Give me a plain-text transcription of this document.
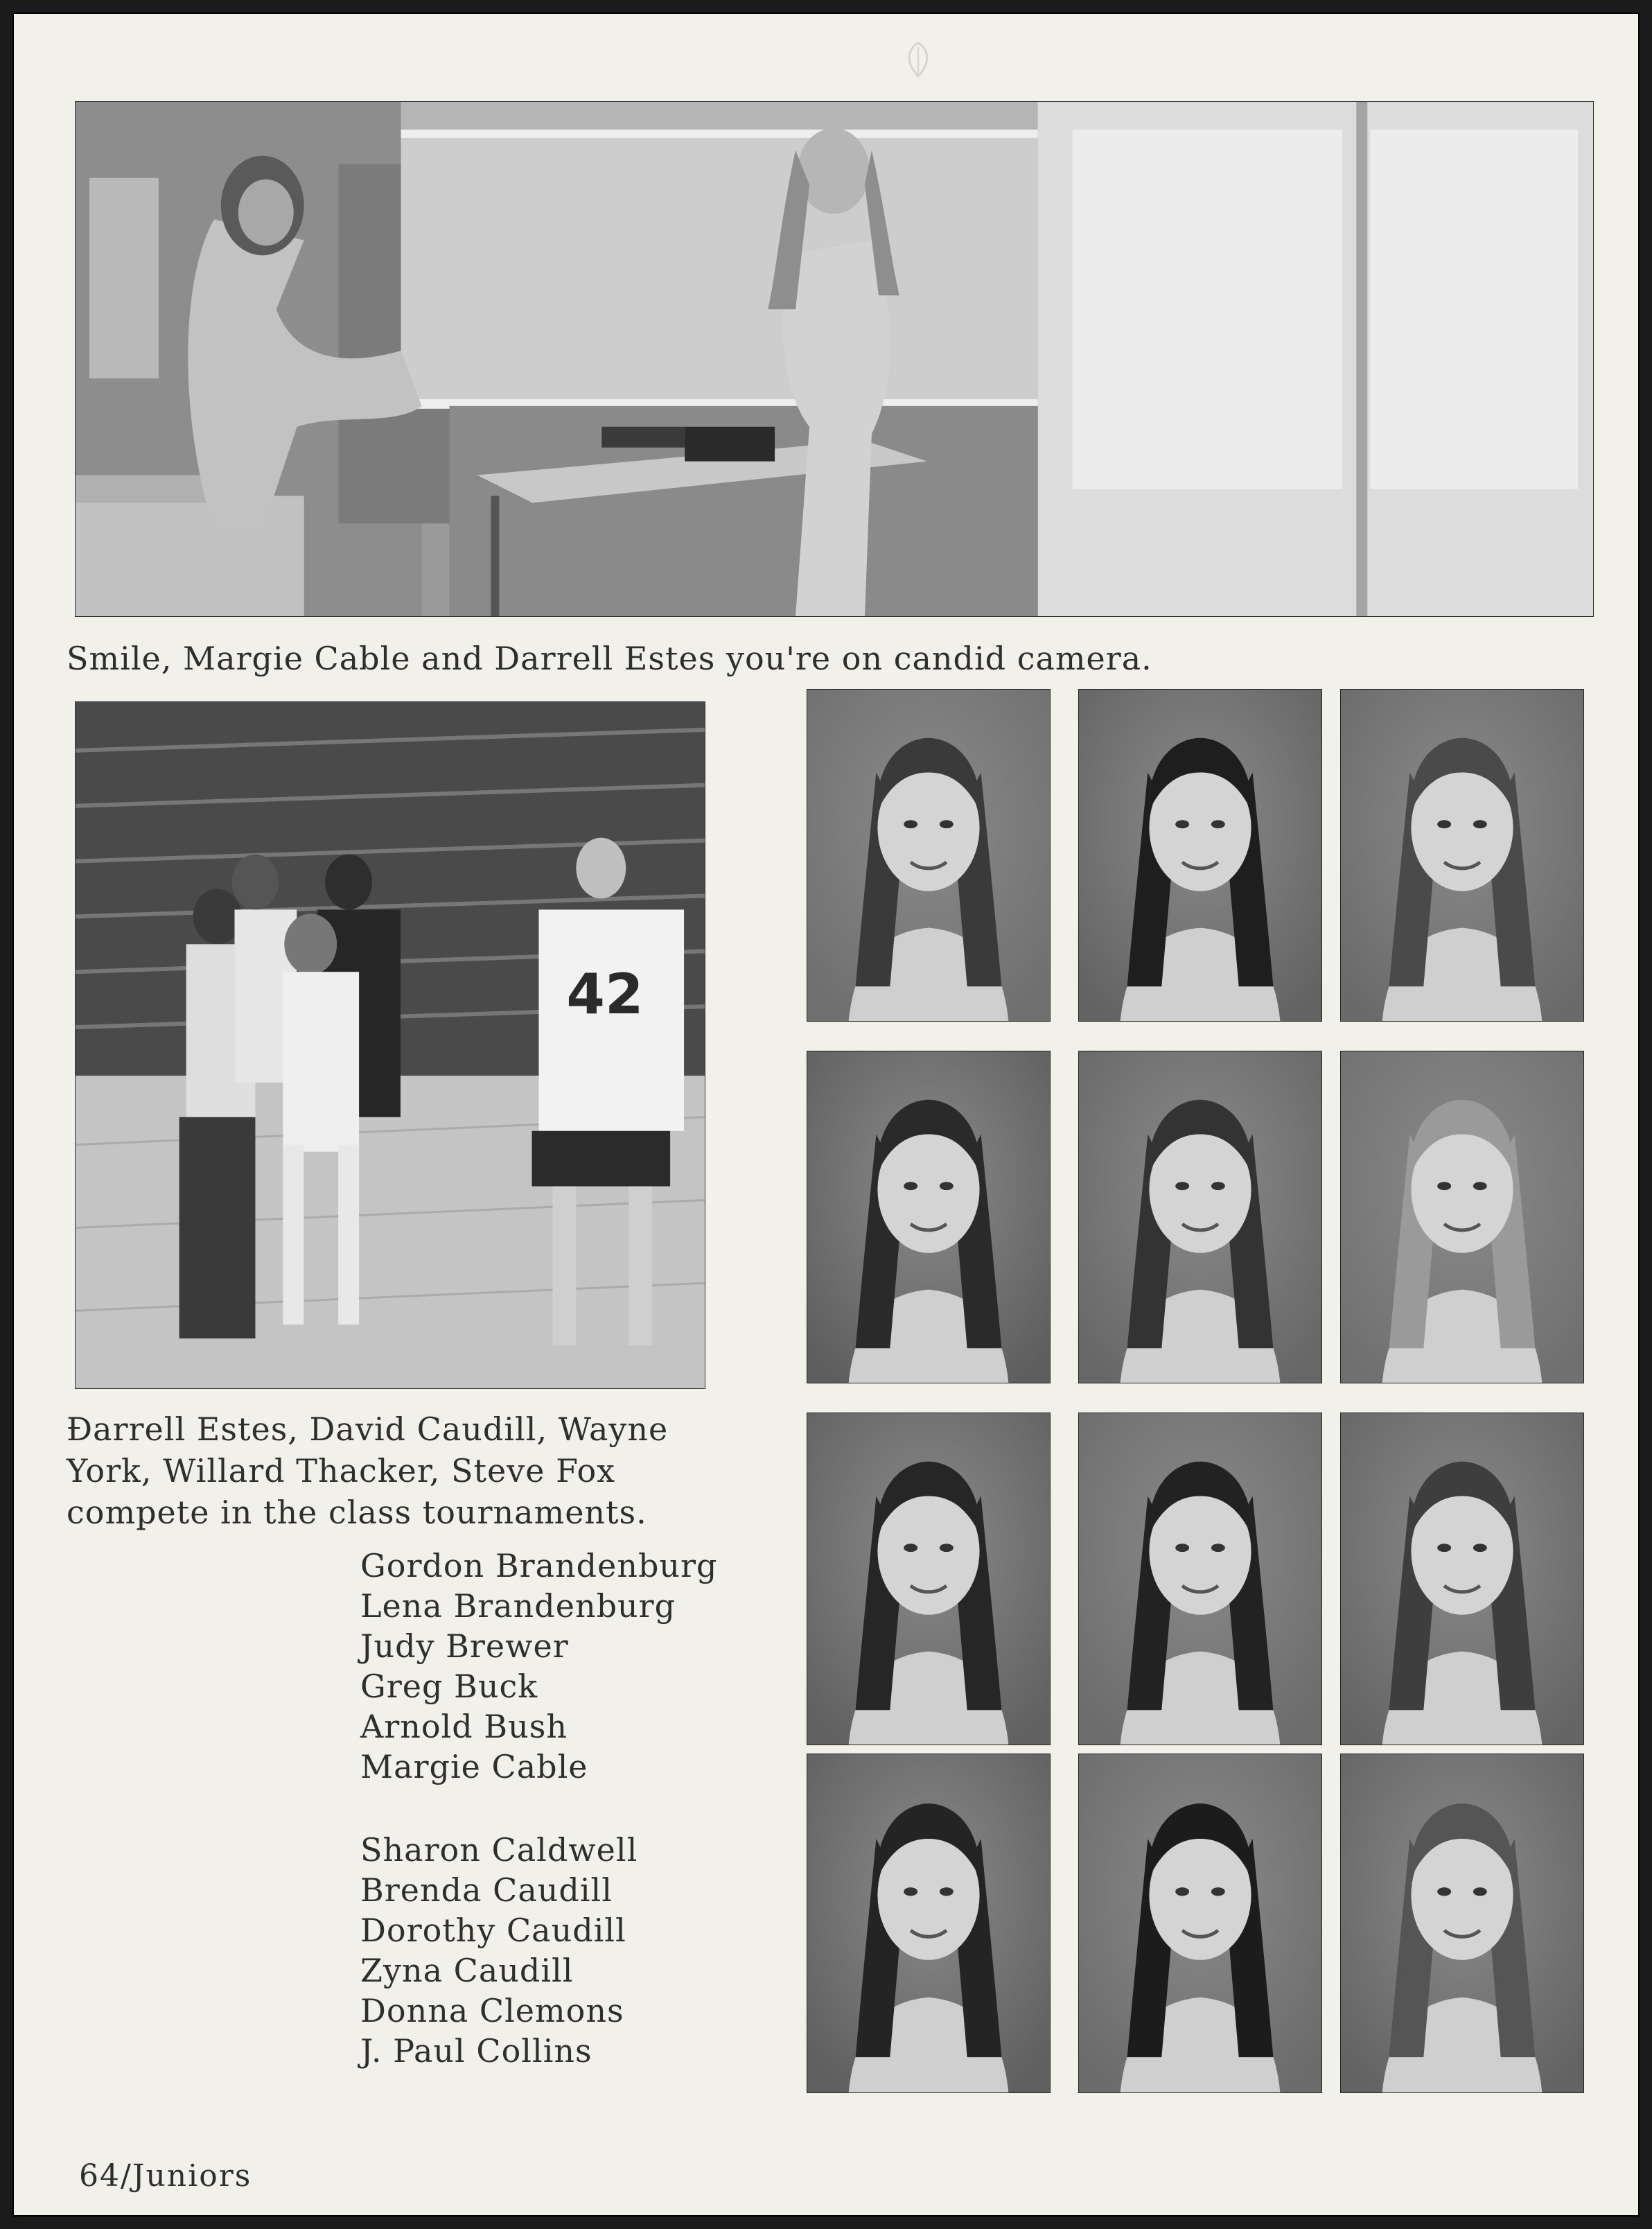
Smile, Margie Cable and Darrell Estes you're on candid camera.
42
Ðarrell Estes, David Caudill, Wayne
York, Willard Thacker, Steve Fox
compete in the class tournaments.
Gordon Brandenburg
Lena Brandenburg
Judy Brewer
Greg Buck
Arnold Bush
Margie Cable
Sharon Caldwell
Brenda Caudill
Dorothy Caudill
Zyna Caudill
Donna Clemons
J. Paul Collins
64/Juniors
